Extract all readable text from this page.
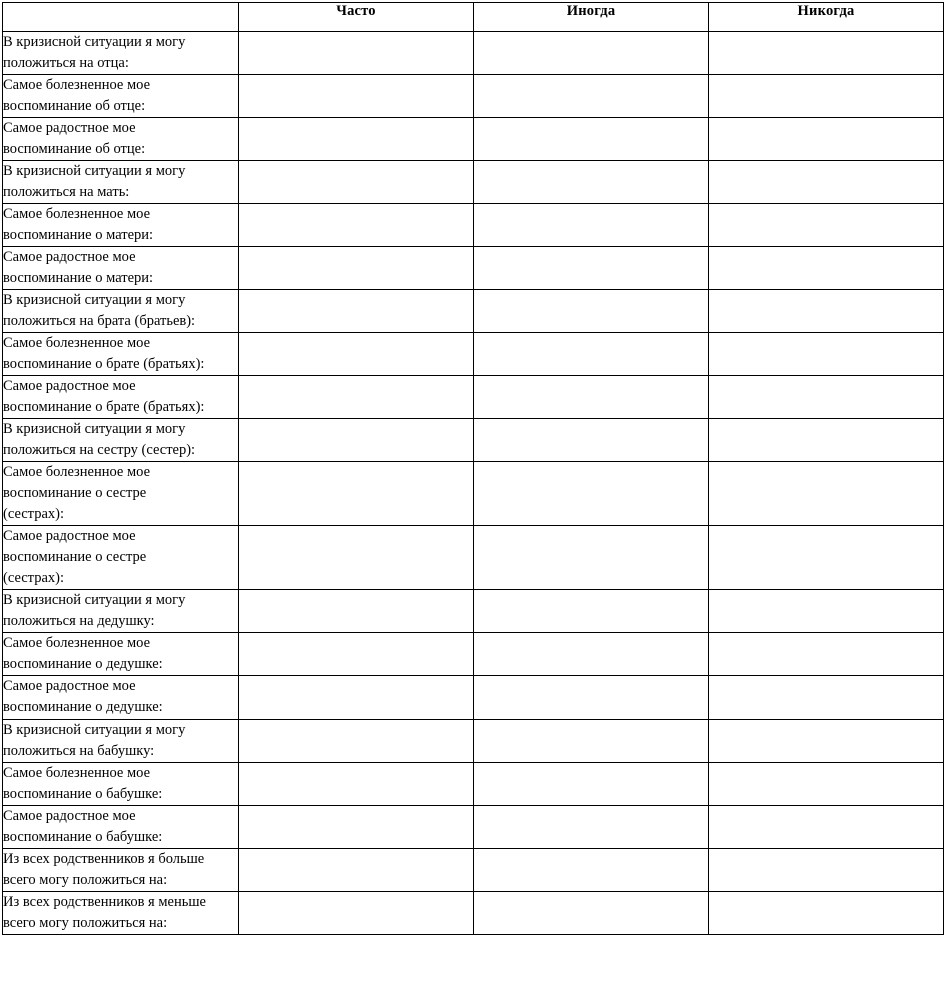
	Часто	Иногда	Никогда

В кризисной ситуации я могу
положиться на отца:			

Самое болезненное мое
воспоминание об отце:			

Самое радостное мое
воспоминание об отце:			

В кризисной ситуации я могу
положиться на мать:			

Самое болезненное мое
воспоминание о матери:			

Самое радостное мое
воспоминание о матери:			

В кризисной ситуации я могу
положиться на брата (братьев):			

Самое болезненное мое
воспоминание о брате (братьях):			

Самое радостное мое
воспоминание о брате (братьях):			

В кризисной ситуации я могу
положиться на сестру (сестер):			

Самое болезненное мое
воспоминание о сестре
(сестрах):			

Самое радостное мое
воспоминание о сестре
(сестрах):			

В кризисной ситуации я могу
положиться на дедушку:			

Самое болезненное мое
воспоминание о дедушке:			

Самое радостное мое
воспоминание о дедушке:			

В кризисной ситуации я могу
положиться на бабушку:			

Самое болезненное мое
воспоминание о бабушке:			

Самое радостное мое
воспоминание о бабушке:			

Из всех родственников я больше
всего могу положиться на:			

Из всех родственников я меньше
всего могу положиться на:			
